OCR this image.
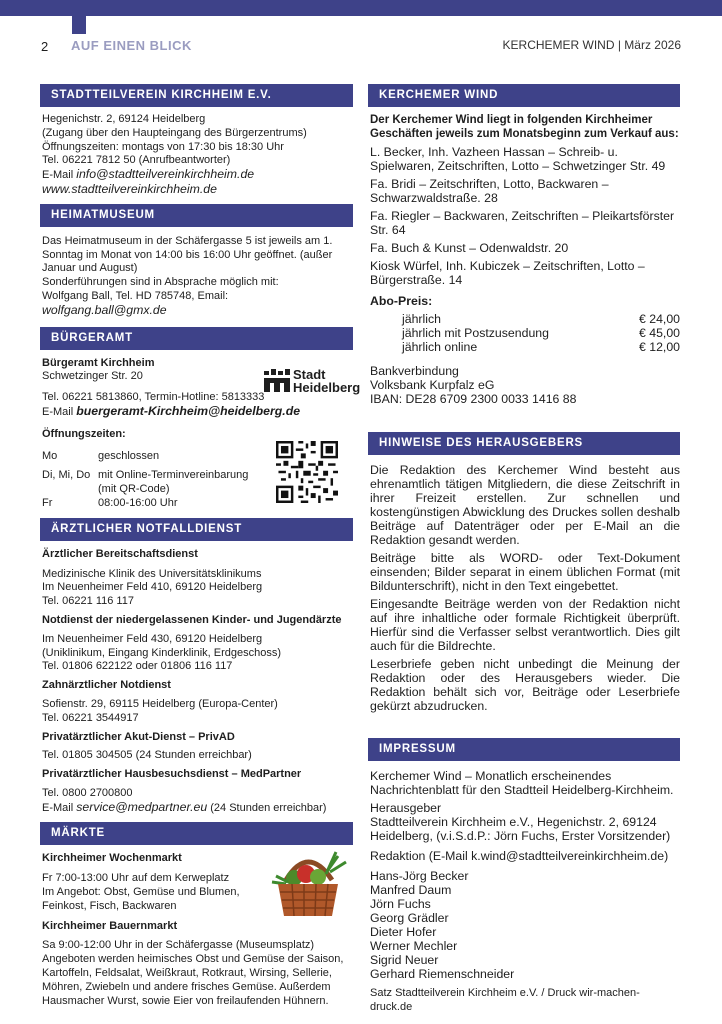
2 AUF EINEN BLICK	KERCHEMER WIND | März 2026
STADTTEILVEREIN KIRCHHEIM E.V.

Hegenichstr. 2, 69124 Heidelberg

(Zugang über den Haupteingang des Bürgerzentrums)

Öffnungszeiten: montags von 17:30 bis 18:30 Uhr

Tel. 06221 7812 50 (Anrufbeantworter)

E-Mail info@stadtteilvereinkirchheim.de

www.stadtteilvereinkirchheim.de

HEIMATMUSEUM

Das Heimatmuseum in der Schäfergasse 5 ist jeweils am 1. Sonntag im Monat von 14:00 bis 16:00 Uhr geöffnet. (außer Januar und August)

Sonderführungen sind in Absprache möglich mit:

Wolfgang Ball, Tel. HD 785748, Email: wolfgang.ball@gmx.de

BÜRGERAMT

Bürgeramt Kirchheim

Schwetzinger Str. 20

Tel. 06221 5813860, Termin-Hotline: 5813333

E-Mail buergeramt-Kirchheim@heidelberg.de

Öffnungszeiten:

Mo	geschlossen
Di, Mi, Do mit Online-Terminvereinbarung
(mit QR-Code)
Fr	08:00-16:00 Uhr
Stadt
Heidelberg
ÄRZTLICHER NOTFALLDIENST

Ärztlicher Bereitschaftsdienst

Medizinische Klinik des Universitätsklinikums

Im Neuenheimer Feld 410, 69120 Heidelberg

Tel. 06221 116 117

Notdienst der niedergelassenen Kinder- und Jugendärzte

Im Neuenheimer Feld 430, 69120 Heidelberg

(Uniklinikum, Eingang Kinderklinik, Erdgeschoss)

Tel. 01806 622122 oder 01806 116 117

Zahnärztlicher Notdienst

Sofienstr. 29, 69115 Heidelberg (Europa-Center)

Tel. 06221 3544917

Privatärztlicher Akut-Dienst – PrivAD

Tel. 01805 304505 (24 Stunden erreichbar)

Privatärztlicher Hausbesuchsdienst – MedPartner

Tel. 0800 2700800

E-Mail service@medpartner.eu (24 Stunden erreichbar)

MÄRKTE

Kirchheimer Wochenmarkt

Fr 7:00-13:00 Uhr auf dem Kerweplatz

Im Angebot: Obst, Gemüse und Blumen,

Feinkost, Fisch, Backwaren

Kirchheimer Bauernmarkt

Sa 9:00-12:00 Uhr in der Schäfergasse (Museumsplatz) Angeboten werden heimisches Obst und Gemüse der Saison, Kartoffeln, Feldsalat, Weißkraut, Rotkraut, Wirsing, Sellerie, Möhren, Zwiebeln und andere frisches Gemüse. Außerdem Hausmacher Wurst, sowie Eier von freilaufenden Hühnern.

KERCHEMER WIND

Der Kerchemer Wind liegt in folgenden Kirchheimer Geschäften jeweils zum Monatsbeginn zum Verkauf aus:

L. Becker, Inh. Vazheen Hassan – Schreib- u. Spielwaren, Zeitschriften, Lotto – Schwetzinger Str. 49

Fa. Bridi – Zeitschriften, Lotto, Backwaren – Schwarzwaldstraße. 28

Fa. Riegler – Backwaren, Zeitschriften – Pleikartsförster Str. 64

Fa. Buch & Kunst – Odenwaldstr. 20

Kiosk Würfel, Inh. Kubiczek – Zeitschriften, Lotto – Bürgerstraße. 14

Abo-Preis:

jährlich	€ 24,00
jährlich mit Postzusendung	€ 45,00
jährlich online	€ 12,00

Bankverbindung

Volksbank Kurpfalz eG

IBAN: DE28 6709 2300 0033 1416 88

HINWEISE DES HERAUSGEBERS

Die Redaktion des Kerchemer Wind besteht aus ehrenamtlich tätigen Mitgliedern, die diese Zeitschrift in ihrer Freizeit erstellen. Zur schnellen und kostengünstigen Abwicklung des Druckes sollen deshalb Beiträge auf Datenträger oder per E-Mail an die Redaktion gesandt werden.

Beiträge bitte als WORD- oder Text-Dokument einsenden; Bilder separat in einem üblichen Format (mit Bildunterschrift), nicht in den Text eingebettet.

Eingesandte Beiträge werden von der Redaktion nicht auf ihre inhaltliche oder formale Richtigkeit überprüft. Hierfür sind die Verfasser selbst verantwortlich. Dies gilt auch für die Bildrechte.

Leserbriefe geben nicht unbedingt die Meinung der Redaktion oder des Herausgebers wieder. Die Redaktion behält sich vor, Beiträge oder Leserbriefe gekürzt abzudrucken.

IMPRESSUM

Kerchemer Wind – Monatlich erscheinendes Nachrichtenblatt für den Stadtteil Heidelberg-Kirchheim.

Herausgeber

Stadtteilverein Kirchheim e.V., Hegenichstr. 2, 69124 Heidelberg, (v.i.S.d.P.: Jörn Fuchs, Erster Vorsitzender)

Redaktion (E-Mail k.wind@stadtteilvereinkirchheim.de)

Hans-Jörg Becker

Manfred Daum

Jörn Fuchs

Georg Grädler

Dieter Hofer

Werner Mechler

Sigrid Neuer

Gerhard Riemenschneider

Satz Stadtteilverein Kirchheim e.V. / Druck wir-machen-druck.de
